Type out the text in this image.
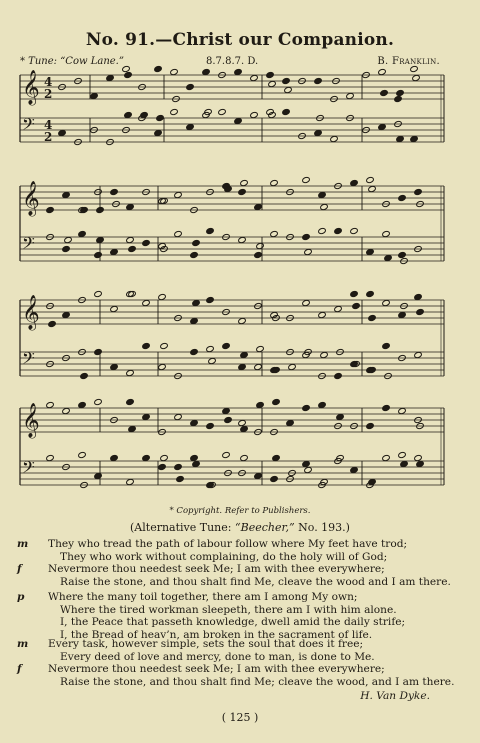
No. 91.—Christ our Companion.
* Tune: “Cow Lane.”	8.7.8.7. D.	B. Franklin.
𝄞 4
2
𝄢 4
2
𝄞
𝄢
𝄞
𝄢
𝄞
𝄢
* Copyright. Refer to Publishers.
(Alternative Tune: “Beecher,” No. 193.)
m They who tread the path of labour follow where My feet have trod;
They who work without complaining, do the holy will of God;
f Nevermore thou needest seek Me; I am with thee everywhere;
Raise the stone, and thou shalt find Me, cleave the wood and I am there.
p Where the many toil together, there am I among My own;
Where the tired workman sleepeth, there am I with him alone.
I, the Peace that passeth knowledge, dwell amid the daily strife;
I, the Bread of heav’n, am broken in the sacrament of life.
m Every task, however simple, sets the soul that does it free;
Every deed of love and mercy, done to man, is done to Me.
f Nevermore thou needest seek Me; I am with thee everywhere;
Raise the stone, and thou shalt find Me; cleave the wood, and I am there.
H. Van Dyke.
( 125 )
